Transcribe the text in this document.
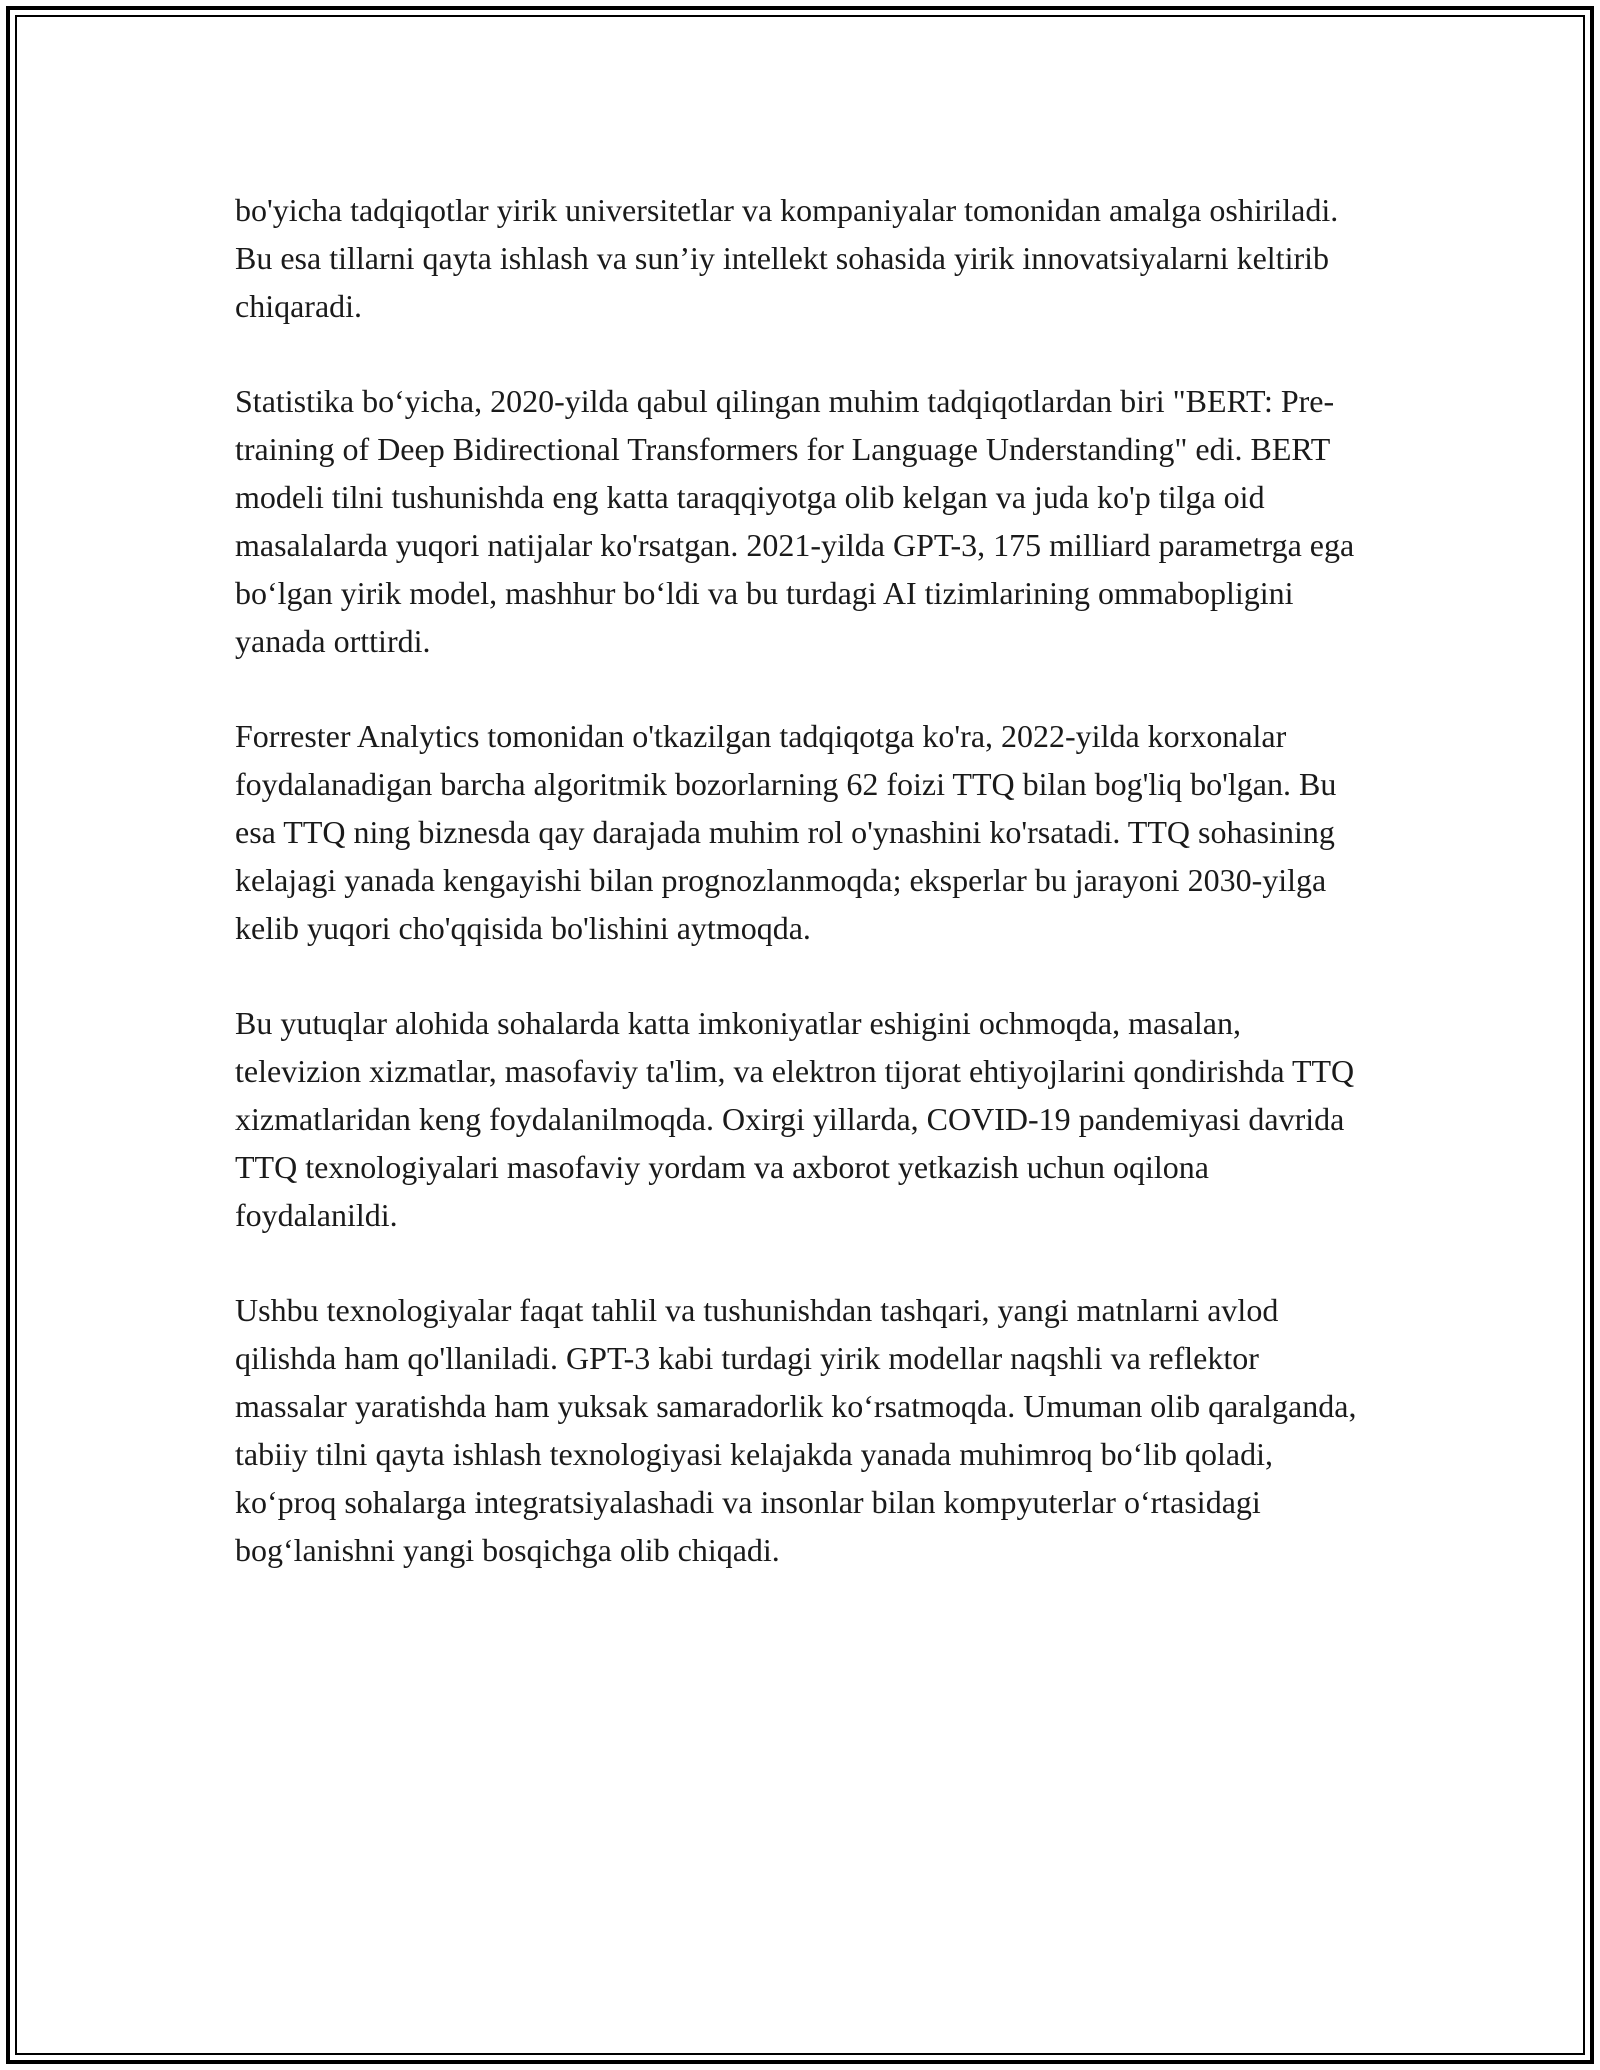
bo'yicha tadqiqotlar yirik universitetlar va kompaniyalar tomonidan amalga oshiriladi. Bu esa tillarni qayta ishlash va sun’iy intellekt sohasida yirik innovatsiyalarni keltirib chiqaradi.

Statistika bo‘yicha, 2020-yilda qabul qilingan muhim tadqiqotlardan biri "BERT: Pre-training of Deep Bidirectional Transformers for Language Understanding" edi. BERT modeli tilni tushunishda eng katta taraqqiyotga olib kelgan va juda ko'p tilga oid masalalarda yuqori natijalar ko'rsatgan. 2021-yilda GPT-3, 175 milliard parametrga ega bo‘lgan yirik model, mashhur bo‘ldi va bu turdagi AI tizimlarining ommabopligini yanada orttirdi.

Forrester Analytics tomonidan o'tkazilgan tadqiqotga ko'ra, 2022-yilda korxonalar foydalanadigan barcha algoritmik bozorlarning 62 foizi TTQ bilan bog'liq bo'lgan. Bu esa TTQ ning biznesda qay darajada muhim rol o'ynashini ko'rsatadi. TTQ sohasining kelajagi yanada kengayishi bilan prognozlanmoqda; eksperlar bu jarayoni 2030-yilga kelib yuqori cho'qqisida bo'lishini aytmoqda.

Bu yutuqlar alohida sohalarda katta imkoniyatlar eshigini ochmoqda, masalan, televizion xizmatlar, masofaviy ta'lim, va elektron tijorat ehtiyojlarini qondirishda TTQ xizmatlaridan keng foydalanilmoqda. Oxirgi yillarda, COVID-19 pandemiyasi davrida TTQ texnologiyalari masofaviy yordam va axborot yetkazish uchun oqilona foydalanildi.

Ushbu texnologiyalar faqat tahlil va tushunishdan tashqari, yangi matnlarni avlod qilishda ham qo'llaniladi. GPT-3 kabi turdagi yirik modellar naqshli va reflektor massalar yaratishda ham yuksak samaradorlik ko‘rsatmoqda. Umuman olib qaralganda, tabiiy tilni qayta ishlash texnologiyasi kelajakda yanada muhimroq bo‘lib qoladi, ko‘proq sohalarga integratsiyalashadi va insonlar bilan kompyuterlar o‘rtasidagi bog‘lanishni yangi bosqichga olib chiqadi.
